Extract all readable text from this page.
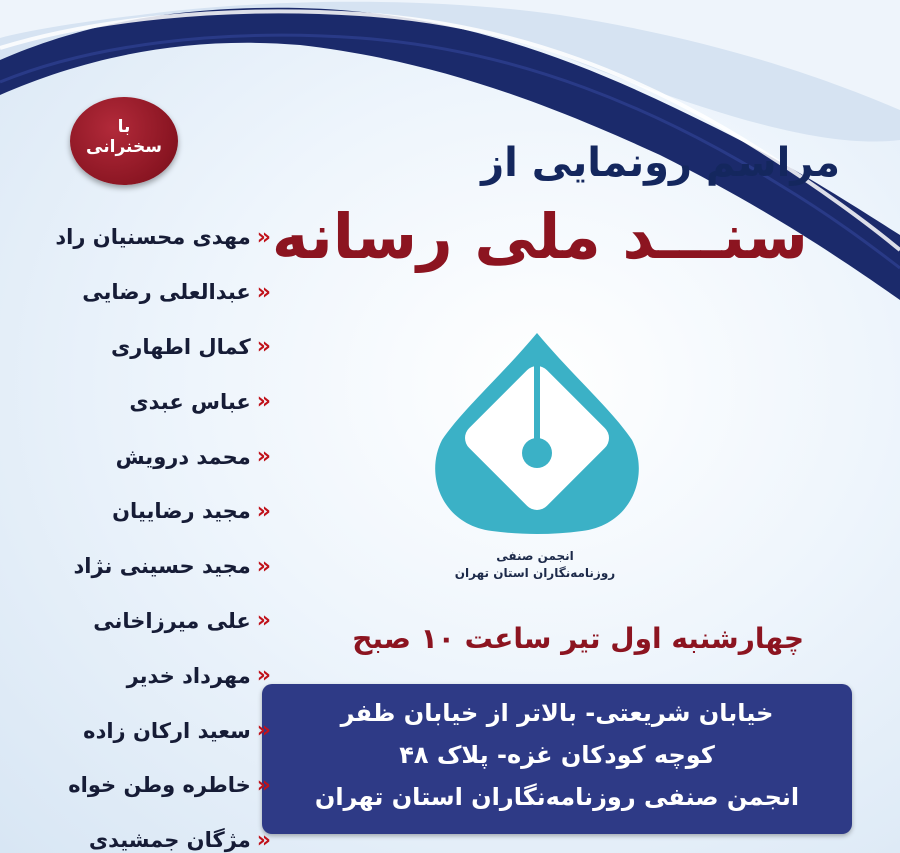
با
سخنرانی	مراسم رونمایی از
سنـــد ملی رسانه
انجمن صنفی
روزنامه‌نگاران استان تهران
چهارشنبه اول تیر ساعت ۱۰ صبح
خیابان شریعتی- بالاتر از خیابان ظفر
کوچه کودکان غزه- پلاک ۴۸
انجمن صنفی روزنامه‌نگاران استان تهران
«
مهدی محسنیان راد
«
عبدالعلی رضایی
«
کمال اطهاری
«
عباس عبدی
«
محمد درویش
«
مجید رضاییان
«
مجید حسینی نژاد
«
علی میرزاخانی
«
مهرداد خدیر
«
سعید ارکان زاده
«
خاطره وطن خواه
«
مژگان جمشیدی
